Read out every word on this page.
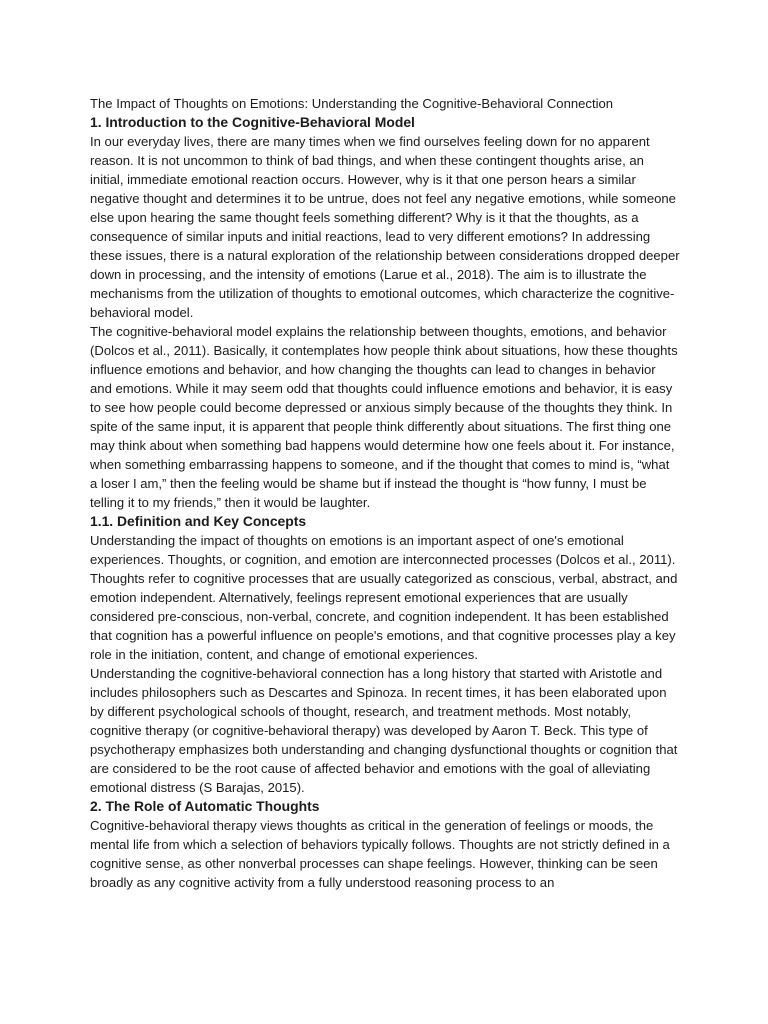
The Impact of Thoughts on Emotions: Understanding the Cognitive-Behavioral Connection

1. Introduction to the Cognitive-Behavioral Model

In our everyday lives, there are many times when we find ourselves feeling down for no apparent reason. It is not uncommon to think of bad things, and when these contingent thoughts arise, an initial, immediate emotional reaction occurs. However, why is it that one person hears a similar negative thought and determines it to be untrue, does not feel any negative emotions, while someone else upon hearing the same thought feels something different? Why is it that the thoughts, as a consequence of similar inputs and initial reactions, lead to very different emotions? In addressing these issues, there is a natural exploration of the relationship between considerations dropped deeper down in processing, and the intensity of emotions (Larue et al., 2018). The aim is to illustrate the mechanisms from the utilization of thoughts to emotional outcomes, which characterize the cognitive-behavioral model.

The cognitive-behavioral model explains the relationship between thoughts, emotions, and behavior (Dolcos et al., 2011). Basically, it contemplates how people think about situations, how these thoughts influence emotions and behavior, and how changing the thoughts can lead to changes in behavior and emotions. While it may seem odd that thoughts could influence emotions and behavior, it is easy to see how people could become depressed or anxious simply because of the thoughts they think. In spite of the same input, it is apparent that people think differently about situations. The first thing one may think about when something bad happens would determine how one feels about it. For instance, when something embarrassing happens to someone, and if the thought that comes to mind is, “what a loser I am,” then the feeling would be shame but if instead the thought is “how funny, I must be telling it to my friends,” then it would be laughter.

1.1. Definition and Key Concepts

Understanding the impact of thoughts on emotions is an important aspect of one's emotional experiences. Thoughts, or cognition, and emotion are interconnected processes (Dolcos et al., 2011). Thoughts refer to cognitive processes that are usually categorized as conscious, verbal, abstract, and emotion independent. Alternatively, feelings represent emotional experiences that are usually considered pre-conscious, non-verbal, concrete, and cognition independent. It has been established that cognition has a powerful influence on people's emotions, and that cognitive processes play a key role in the initiation, content, and change of emotional experiences.

Understanding the cognitive-behavioral connection has a long history that started with Aristotle and includes philosophers such as Descartes and Spinoza. In recent times, it has been elaborated upon by different psychological schools of thought, research, and treatment methods. Most notably, cognitive therapy (or cognitive-behavioral therapy) was developed by Aaron T. Beck. This type of psychotherapy emphasizes both understanding and changing dysfunctional thoughts or cognition that are considered to be the root cause of affected behavior and emotions with the goal of alleviating emotional distress (S Barajas, 2015).

2. The Role of Automatic Thoughts

Cognitive-behavioral therapy views thoughts as critical in the generation of feelings or moods, the mental life from which a selection of behaviors typically follows. Thoughts are not strictly defined in a cognitive sense, as other nonverbal processes can shape feelings. However, thinking can be seen broadly as any cognitive activity from a fully understood reasoning process to an
